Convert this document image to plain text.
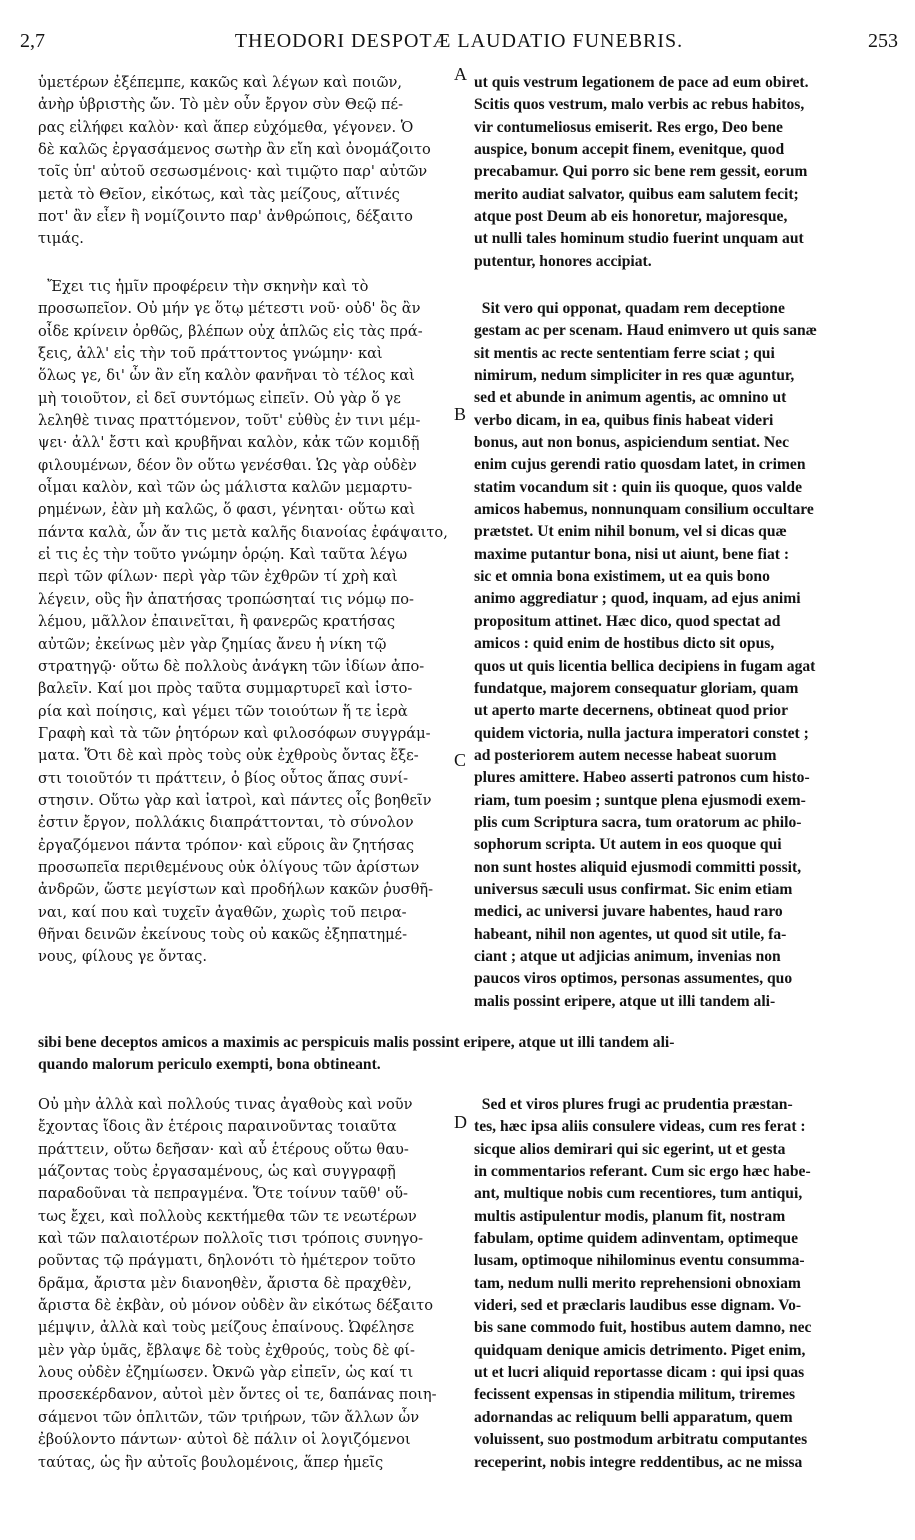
2,7	THEODORI DESPOTÆ LAUDATIO FUNEBRIS.	253

ὑμετέρων ἐξέπεμπε, κακῶς καὶ λέγων καὶ ποιῶν,
ἀνὴρ ὑβριστὴς ὤν. Τὸ μὲν οὖν ἔργον σὺν Θεῷ πέ-
ρας εἰλήφει καλὸν· καὶ ἅπερ εὐχόμεθα, γέγονεν. Ὁ
δὲ καλῶς ἐργασάμενος σωτὴρ ἂν εἴη καὶ ὀνομάζοιτο
τοῖς ὑπ' αὐτοῦ σεσωσμένοις· καὶ τιμῷτο παρ' αὐτῶν
μετὰ τὸ Θεῖον, εἰκότως, καὶ τὰς μείζους, αἵτινές
ποτ' ἂν εἶεν ἢ νομίζοιντο παρ' ἀνθρώποις, δέξαιτο
τιμάς.

Ἔχει τις ἡμῖν προφέρειν τὴν σκηνὴν καὶ τὸ
προσωπεῖον. Οὐ μήν γε ὅτῳ μέτεστι νοῦ· οὐδ' ὃς ἂν
οἶδε κρίνειν ὀρθῶς, βλέπων οὐχ ἁπλῶς εἰς τὰς πρά-
ξεις, ἀλλ' εἰς τὴν τοῦ πράττοντος γνώμην· καὶ
ὅλως γε, δι' ὧν ἂν εἴη καλὸν φανῆναι τὸ τέλος καὶ
μὴ τοιοῦτον, εἰ δεῖ συντόμως εἰπεῖν. Οὐ γὰρ ὅ γε
λεληθὲ τινας πραττόμενον, τοῦτ' εὐθὺς ἐν τινι μέμ-
ψει· ἀλλ' ἔστι καὶ κρυβῆναι καλὸν, κἀκ τῶν κομιδῇ
φιλουμένων, δέον ὂν οὕτω γενέσθαι. Ὡς γὰρ οὐδὲν
οἶμαι καλὸν, καὶ τῶν ὡς μάλιστα καλῶν μεμαρτυ-
ρημένων, ἐὰν μὴ καλῶς, ὅ φασι, γένηται· οὕτω καὶ
πάντα καλὰ, ὧν ἄν τις μετὰ καλῆς διανοίας ἐφάψαιτο,
εἰ τις ἐς τὴν τοῦτο γνώμην ὁρῴη. Καὶ ταῦτα λέγω
περὶ τῶν φίλων· περὶ γὰρ τῶν ἐχθρῶν τί χρὴ καὶ
λέγειν, οὓς ἣν ἀπατήσας τροπώσηταί τις νόμῳ πο-
λέμου, μᾶλλον ἐπαινεῖται, ἢ φανερῶς κρατήσας
αὐτῶν; ἐκείνως μὲν γὰρ ζημίας ἄνευ ἡ νίκη τῷ
στρατηγῷ· οὕτω δὲ πολλοὺς ἀνάγκη τῶν ἰδίων ἀπο-
βαλεῖν. Καί μοι πρὸς ταῦτα συμμαρτυρεῖ καὶ ἱστο-
ρία καὶ ποίησις, καὶ γέμει τῶν τοιούτων ἥ τε ἱερὰ
Γραφὴ καὶ τὰ τῶν ῥητόρων καὶ φιλοσόφων συγγράμ-
ματα. Ὅτι δὲ καὶ πρὸς τοὺς οὐκ ἐχθροὺς ὄντας ἔξε-
στι τοιοῦτόν τι πράττειν, ὁ βίος οὗτος ἅπας συνί-
στησιν. Οὕτω γὰρ καὶ ἰατροὶ, καὶ πάντες οἷς βοηθεῖν
ἐστιν ἔργον, πολλάκις διαπράττονται, τὸ σύνολον
ἐργαζόμενοι πάντα τρόπον· καὶ εὕροις ἂν ζητήσας
προσωπεῖα περιθεμένους οὐκ ὀλίγους τῶν ἀρίστων
ἀνδρῶν, ὥστε μεγίστων καὶ προδήλων κακῶν ῥυσθῆ-
ναι, καί που καὶ τυχεῖν ἀγαθῶν, χωρὶς τοῦ πειρα-
θῆναι δεινῶν ἐκείνους τοὺς οὐ κακῶς ἐξηπατημέ-
νους, φίλους γε ὄντας.

Οὐ μὴν ἀλλὰ καὶ πολλούς τινας ἀγαθοὺς καὶ νοῦν
ἔχοντας ἴδοις ἂν ἑτέροις παραινοῦντας τοιαῦτα
πράττειν, οὕτω δεῆσαν· καὶ αὖ ἑτέρους οὕτω θαυ-
μάζοντας τοὺς ἐργασαμένους, ὡς καὶ συγγραφῇ
παραδοῦναι τὰ πεπραγμένα. Ὅτε τοίνυν ταῦθ' οὕ-
τως ἔχει, καὶ πολλοὺς κεκτήμεθα τῶν τε νεωτέρων
καὶ τῶν παλαιοτέρων πολλοῖς τισι τρόποις συνηγο-
ροῦντας τῷ πράγματι, δηλονότι τὸ ἡμέτερον τοῦτο
δρᾶμα, ἄριστα μὲν διανοηθὲν, ἄριστα δὲ πραχθὲν,
ἄριστα δὲ ἐκβὰν, οὐ μόνον οὐδὲν ἂν εἰκότως δέξαιτο
μέμψιν, ἀλλὰ καὶ τοὺς μείζους ἐπαίνους. Ὠφέλησε
μὲν γὰρ ὑμᾶς, ἔβλαψε δὲ τοὺς ἐχθρούς, τοὺς δὲ φί-
λους οὐδὲν ἐζημίωσεν. Ὀκνῶ γὰρ εἰπεῖν, ὡς καί τι
προσεκέρδανον, αὐτοὶ μὲν ὄντες οἱ τε, δαπάνας ποιη-
σάμενοι τῶν ὁπλιτῶν, τῶν τριήρων, τῶν ἄλλων ὧν
ἐβούλοντο πάντων· αὐτοὶ δὲ πάλιν οἱ λογιζόμενοι
ταύτας, ὡς ἣν αὐτοῖς βουλομένοις, ἅπερ ἡμεῖς

ut quis vestrum legationem de pace ad eum obiret.
Scitis quos vestrum, malo verbis ac rebus habitos,
vir contumeliosus emiserit. Res ergo, Deo bene
auspice, bonum accepit finem, evenitque, quod
precabamur. Qui porro sic bene rem gessit, eorum
merito audiat salvator, quibus eam salutem fecit;
atque post Deum ab eis honoretur, majoresque,
ut nulli tales hominum studio fuerint unquam aut
putentur, honores accipiat.

Sit vero qui opponat, quadam rem deceptione
gestam ac per scenam. Haud enimvero ut quis sanæ
sit mentis ac recte sententiam ferre sciat ; qui
nimirum, nedum simpliciter in res quæ aguntur,
sed et abunde in animum agentis, ac omnino ut
verbo dicam, in ea, quibus finis habeat videri
bonus, aut non bonus, aspiciendum sentiat. Nec
enim cujus gerendi ratio quosdam latet, in crimen
statim vocandum sit : quin iis quoque, quos valde
amicos habemus, nonnunquam consilium occultare
prætstet. Ut enim nihil bonum, vel si dicas quæ
maxime putantur bona, nisi ut aiunt, bene fiat :
sic et omnia bona existimem, ut ea quis bono
animo aggrediatur ; quod, inquam, ad ejus animi
propositum attinet. Hæc dico, quod spectat ad
amicos : quid enim de hostibus dicto sit opus,
quos ut quis licentia bellica decipiens in fugam agat
fundatque, majorem consequatur gloriam, quam
ut aperto marte decernens, obtineat quod prior
quidem victoria, nulla jactura imperatori constet ;
ad posteriorem autem necesse habeat suorum
plures amittere. Habeo asserti patronos cum histo-
riam, tum poesim ; suntque plena ejusmodi exem-
plis cum Scriptura sacra, tum oratorum ac philo-
sophorum scripta. Ut autem in eos quoque qui
non sunt hostes aliquid ejusmodi committi possit,
universus sæculi usus confirmat. Sic enim etiam
medici, ac universi juvare habentes, haud raro
habeant, nihil non agentes, ut quod sit utile, fa-
ciant ; atque ut adjicias animum, invenias non
paucos viros optimos, personas assumentes, quo
malis possint eripere, atque ut illi tandem ali-

Sed et viros plures frugi ac prudentia præstan-
tes, hæc ipsa aliis consulere videas, cum res ferat :
sicque alios demirari qui sic egerint, ut et gesta
in commentarios referant. Cum sic ergo hæc habe-
ant, multique nobis cum recentiores, tum antiqui,
multis astipulentur modis, planum fit, nostram
fabulam, optime quidem adinventam, optimeque
lusam, optimoque nihilominus eventu consumma-
tam, nedum nulli merito reprehensioni obnoxiam
videri, sed et præclaris laudibus esse dignam. Vo-
bis sane commodo fuit, hostibus autem damno, nec
quidquam denique amicis detrimento. Piget enim,
ut et lucri aliquid reportasse dicam : qui ipsi quas
fecissent expensas in stipendia militum, triremes
adornandas ac reliquum belli apparatum, quem
voluissent, suo postmodum arbitratu computantes
receperint, nobis integre reddentibus, ac ne missa

sibi bene deceptos amicos a maximis ac perspicuis malis possint eripere, atque ut illi tandem ali-
quando malorum periculo exempti, bona obtineant.

A
B
C
D
